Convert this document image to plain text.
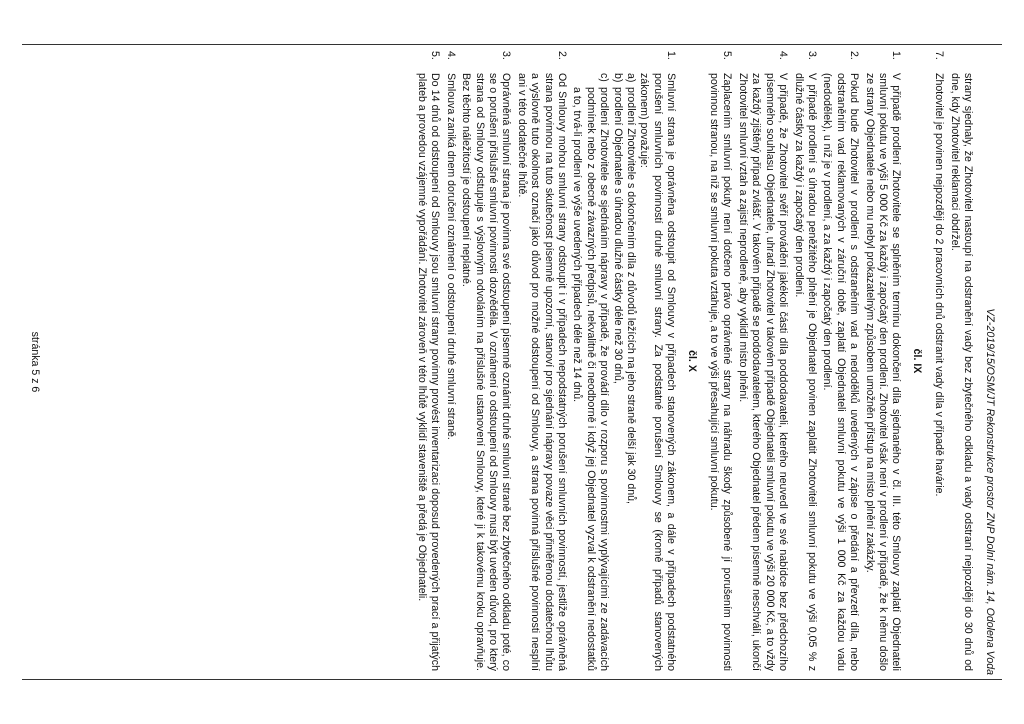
VZ-2019/15/OSM/JT Rekonstrukce prostor ZNP Dolní nám. 14, Odolena Voda
strany sjednaly, že Zhotovitel nastoupí na odstranění vady bez zbytečného odkladu a vady odstraní nejpozději do 30 dnů od dne, kdy Zhotovitel reklamaci obdržel.
7.
Zhotovitel je povinen nejpozději do 2 pracovních dnů odstranit vady díla v případě havárie.
čl. IX
1.
V případě prodlení Zhotovitele se splněním termínu dokončení díla sjednaného v čl. III. této Smlouvy zaplatí Objednateli smluvní pokutu ve výši 5 000 Kč za každý i započatý den prodlení. Zhotovitel však není v prodlení v případě, že k němu došlo ze strany Objednatele nebo mu nebyl prokazatelným způsobem umožněn přístup na místo plnění zakázky.
2.
Pokud bude Zhotovitel v prodlení s odstraněním vad a nedodělků uvedených v zápise o předání a převzetí díla, nebo odstraněním vad reklamovaných v záruční době, zaplatí Objednateli smluvní pokutu ve výši 1 000 Kč za každou vadu (nedodělek), u níž je v prodlení, a za každý i započatý den prodlení.
3.
V případě prodlení s úhradou peněžitého plnění je Objednatel povinen zaplatit Zhotoviteli smluvní pokutu ve výši 0,05 % z dlužné částky za každý i započatý den prodlení.
4.
V případě, že Zhotovitel svěří provádění jakékoli části díla poddodavateli, kterého neuvedl ve své nabídce bez předchozího písemného souhlasu Objednatele, uhradí Zhotovitel v takovém případě Objednateli smluvní pokutu ve výši 20 000 Kč, a to vždy za každý zjištěný případ zvlášť. V takovém případě se poddodavatelem, kterého Objednatel předem písemně neschválí, ukončí Zhotovitel smluvní vztah a zajistí neprodleně, aby vyklidil místo plnění.
5.
Zaplacením smluvní pokuty není dotčeno právo oprávněné strany na náhradu škody způsobené jí porušením povinnosti povinnou stranou, na níž se smluvní pokuta vztahuje, a to ve výši přesahující smluvní pokutu.
čl. X
1.
Smluvní strana je oprávněna odstoupit od Smlouvy v případech stanovených zákonem, a dále v případech podstatného porušení smluvních povinností druhé smluvní strany. Za podstatné porušení Smlouvy se (kromě případů stanovených zákonem) považuje:
a)
prodlení Zhotovitele s dokončením díla z důvodů ležících na jeho straně delší jak 30 dnů,
b)
prodlení Objednatele s úhradou dlužné částky déle než 30 dnů,
c)
prodlení Zhotovitele se sjednáním nápravy v případě, že provádí dílo v rozporu s povinnostmi vyplývajícími ze zadávacích podmínek nebo z obecně závazných předpisů, nekvalitně či neodborně i když jej Objednatel vyzval k odstranění nedostatků a to, trvá-li prodlení ve výše uvedených případech déle než 14 dnů.
2.
Od Smlouvy mohou smluvní strany odstoupit i v případech nepodstatných porušení smluvních povinností, jestliže oprávněná strana povinnou na tuto skutečnost písemně upozorní, stanoví pro sjednání nápravy povaze věci přiměřenou dodatečnou lhůtu a výslovně tuto okolnost označí jako důvod pro možné odstoupení od Smlouvy, a strana povinná příslušné povinnosti nesplní ani v této dodatečné lhůtě.
3.
Oprávněná smluvní strana je povinna své odstoupení písemně oznámit druhé smluvní straně bez zbytečného odkladu poté, co se o porušení příslušné smluvní povinnosti dozvěděla. V oznámení o odstoupení od Smlouvy musí být uveden důvod, pro který strana od Smlouvy odstupuje s výslovným odvoláním na příslušné ustanovení Smlouvy, které ji k takovému kroku opravňuje. Bez těchto náležitostí je odstoupení neplatné.
4.
Smlouva zaniká dnem doručení oznámení o odstoupení druhé smluvní straně.
5.
Do 14 dnů od odstoupení od Smlouvy jsou smluvní strany povinny provést inventarizaci doposud provedených prací a přijatých plateb a provedou vzájemné vypořádání. Zhotovitel zároveň v této lhůtě vyklidí staveniště a předá je Objednateli.
stránka 5 z 6
